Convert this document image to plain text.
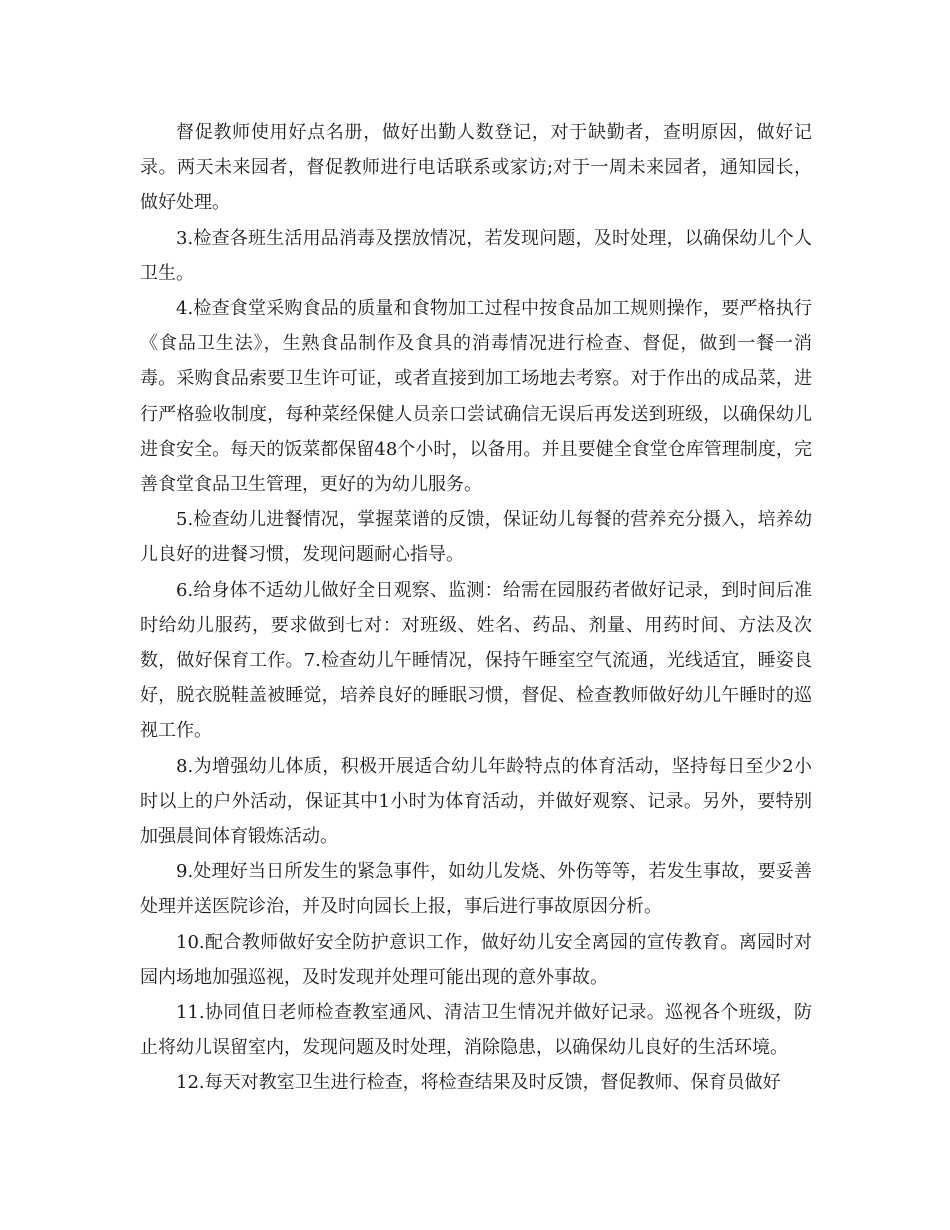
督促教师使用好点名册，做好出勤人数登记，对于缺勤者，查明原因，做好记录。两天未来园者，督促教师进行电话联系或家访;对于一周未来园者，通知园长，做好处理。

3.检查各班生活用品消毒及摆放情况，若发现问题，及时处理，以确保幼儿个人卫生。

4.检查食堂采购食品的质量和食物加工过程中按食品加工规则操作，要严格执行《食品卫生法》，生熟食品制作及食具的消毒情况进行检查、督促，做到一餐一消毒。采购食品索要卫生许可证，或者直接到加工场地去考察。对于作出的成品菜，进行严格验收制度，每种菜经保健人员亲口尝试确信无误后再发送到班级，以确保幼儿进食安全。每天的饭菜都保留48个小时，以备用。并且要健全食堂仓库管理制度，完善食堂食品卫生管理，更好的为幼儿服务。

5.检查幼儿进餐情况，掌握菜谱的反馈，保证幼儿每餐的营养充分摄入，培养幼儿良好的进餐习惯，发现问题耐心指导。

6.给身体不适幼儿做好全日观察、监测：给需在园服药者做好记录，到时间后准时给幼儿服药，要求做到七对：对班级、姓名、药品、剂量、用药时间、方法及次数，做好保育工作。7.检查幼儿午睡情况，保持午睡室空气流通，光线适宜，睡姿良好，脱衣脱鞋盖被睡觉，培养良好的睡眠习惯，督促、检查教师做好幼儿午睡时的巡视工作。

8.为增强幼儿体质，积极开展适合幼儿年龄特点的体育活动，坚持每日至少2小时以上的户外活动，保证其中1小时为体育活动，并做好观察、记录。另外，要特别加强晨间体育锻炼活动。

9.处理好当日所发生的紧急事件，如幼儿发烧、外伤等等，若发生事故，要妥善处理并送医院诊治，并及时向园长上报，事后进行事故原因分析。

10.配合教师做好安全防护意识工作，做好幼儿安全离园的宣传教育。离园时对园内场地加强巡视，及时发现并处理可能出现的意外事故。

11.协同值日老师检查教室通风、清洁卫生情况并做好记录。巡视各个班级，防止将幼儿误留室内，发现问题及时处理，消除隐患，以确保幼儿良好的生活环境。

12.每天对教室卫生进行检查，将检查结果及时反馈，督促教师、保育员做好
